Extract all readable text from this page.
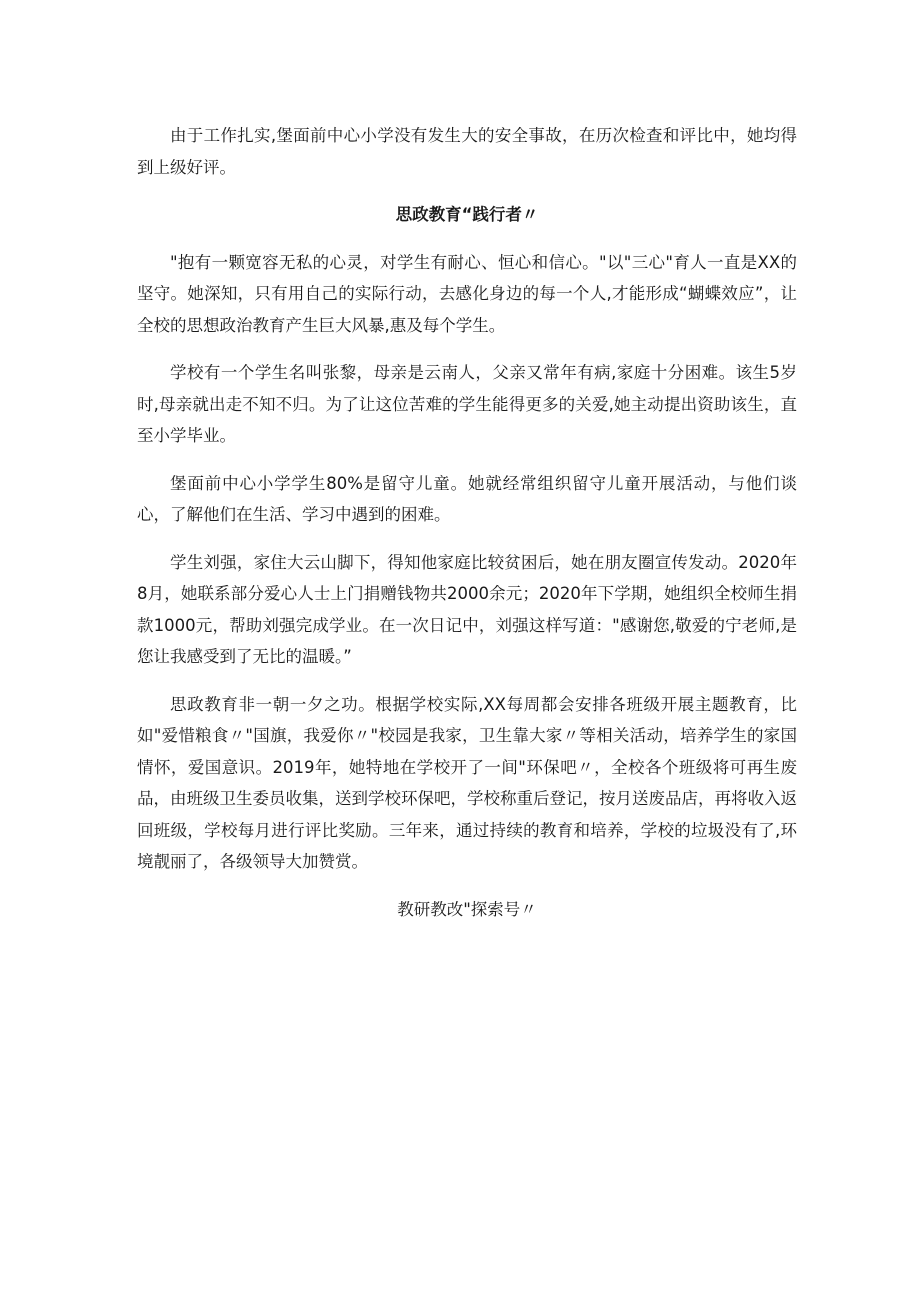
由于工作扎实,堡面前中心小学没有发生大的安全事故，在历次检查和评比中，她均得到上级好评。

思政教育“践行者〃

"抱有一颗宽容无私的心灵，对学生有耐心、恒心和信心。"以"三心"育人一直是XX的坚守。她深知，只有用自己的实际行动，去感化身边的每一个人,才能形成“蝴蝶效应”，让全校的思想政治教育产生巨大风暴,惠及每个学生。

学校有一个学生名叫张黎，母亲是云南人，父亲又常年有病,家庭十分困难。该生5岁时,母亲就出走不知不归。为了让这位苦难的学生能得更多的关爱,她主动提出资助该生，直至小学毕业。

堡面前中心小学学生80%是留守儿童。她就经常组织留守儿童开展活动，与他们谈心，了解他们在生活、学习中遇到的困难。

学生刘强，家住大云山脚下，得知他家庭比较贫困后，她在朋友圈宣传发动。2020年8月，她联系部分爱心人士上门捐赠钱物共2000余元；2020年下学期，她组织全校师生捐款1000元，帮助刘强完成学业。在一次日记中，刘强这样写道："感谢您,敬爱的宁老师,是您让我感受到了无比的温暖。”

思政教育非一朝一夕之功。根据学校实际,XX每周都会安排各班级开展主题教育，比如"爱惜粮食〃"国旗，我爱你〃"校园是我家，卫生靠大家〃等相关活动，培养学生的家国情怀，爱国意识。2019年，她特地在学校开了一间"环保吧〃，全校各个班级将可再生废品，由班级卫生委员收集，送到学校环保吧，学校称重后登记，按月送废品店，再将收入返回班级，学校每月进行评比奖励。三年来，通过持续的教育和培养，学校的垃圾没有了,环境靓丽了，各级领导大加赞赏。

教研教改"探索号〃
